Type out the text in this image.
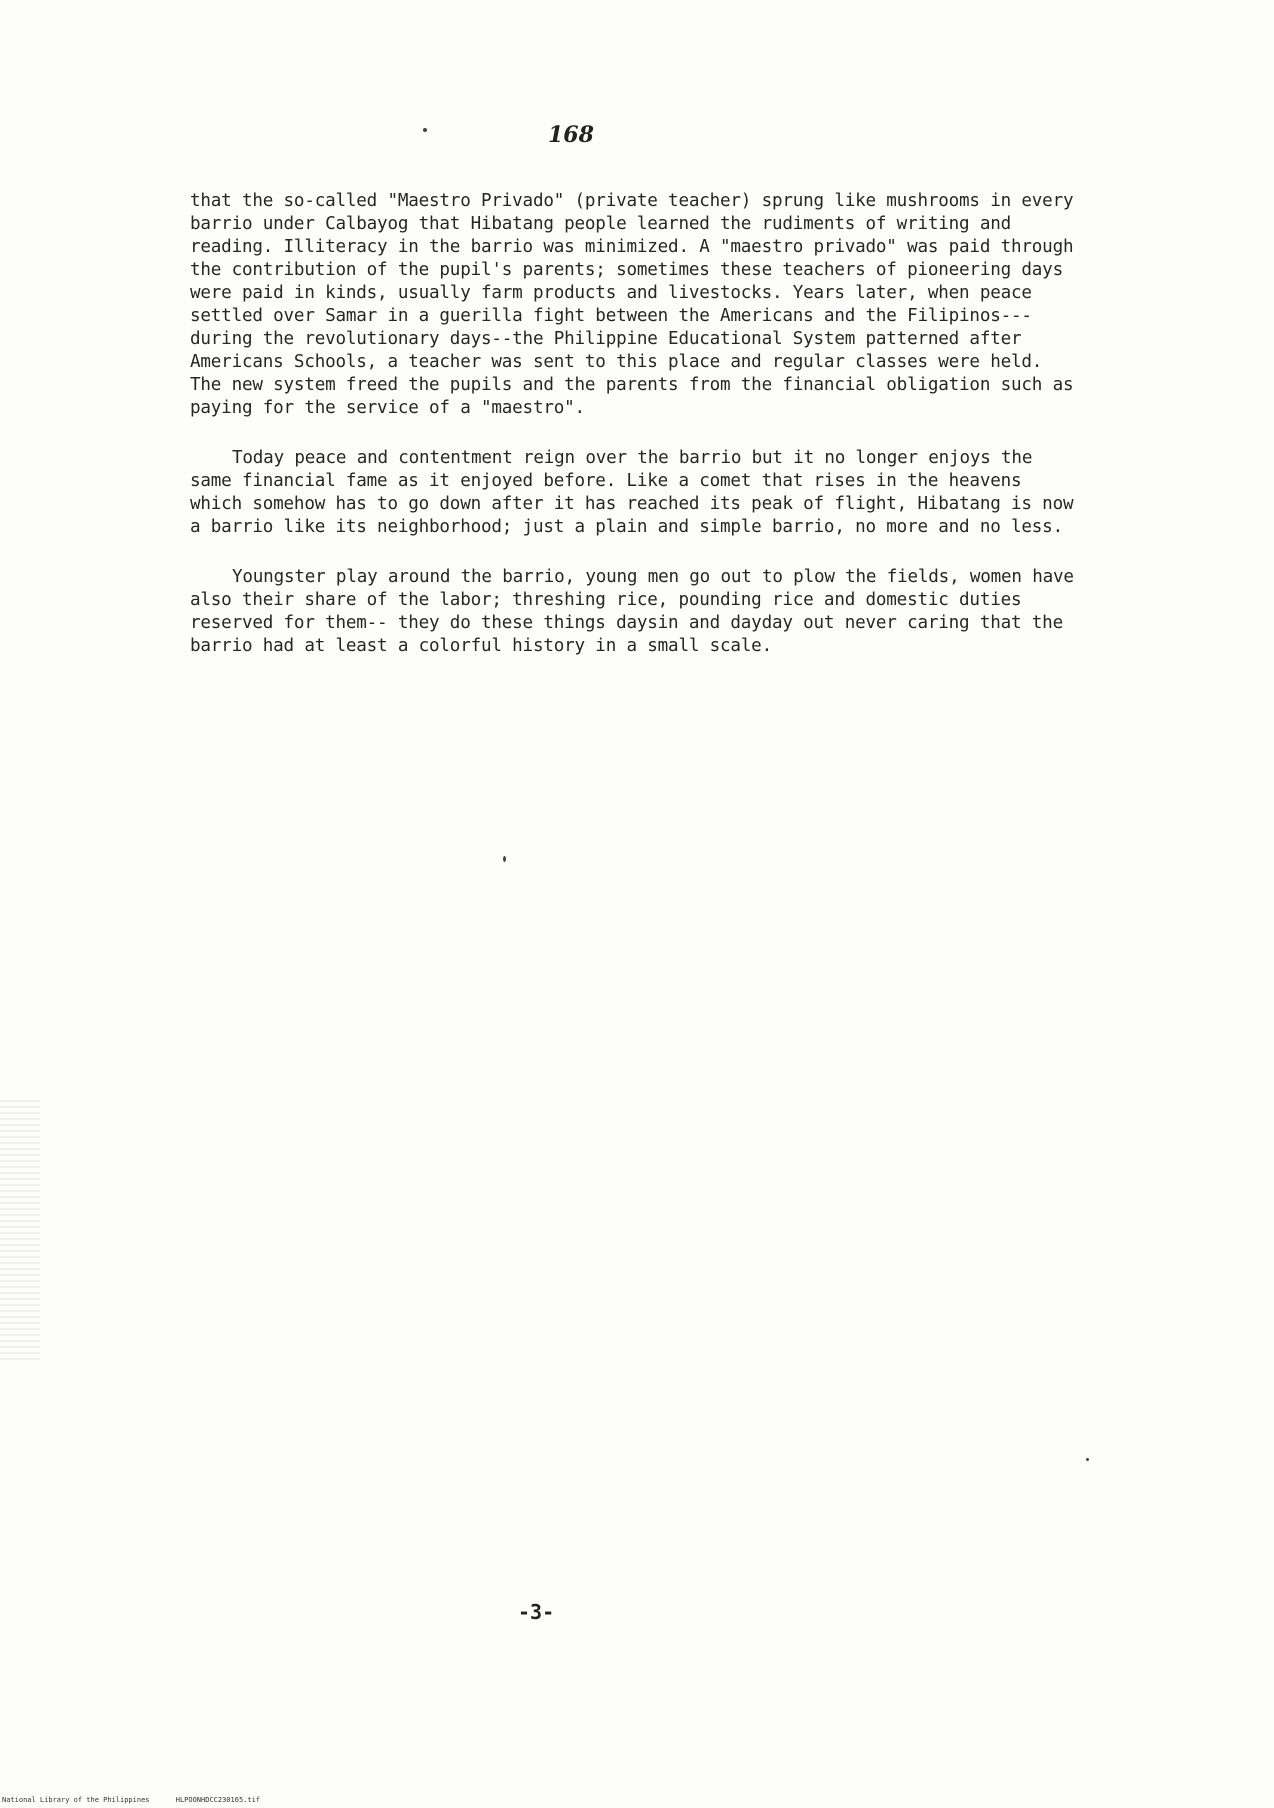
168

that the so-called "Maestro Privado" (private teacher) sprung like mushrooms in every barrio under Calbayog that Hibatang people learned the rudiments of writing and reading. Illiteracy in the barrio was minimized. A "maestro privado" was paid through the contribution of the pupil's parents; sometimes these teachers of pioneering days were paid in kinds, usually farm products and livestocks. Years later, when peace settled over Samar in a guerilla fight between the Americans and the Filipinos---during the revolutionary days--the Philippine Educational System patterned after Americans Schools, a teacher was sent to this place and regular classes were held. The new system freed the pupils and the parents from the financial obligation such as paying for the service of a "maestro".

Today peace and contentment reign over the barrio but it no longer enjoys the same financial fame as it enjoyed before. Like a comet that rises in the heavens which somehow has to go down after it has reached its peak of flight, Hibatang is now a barrio like its neighborhood; just a plain and simple barrio, no more and no less.

Youngster play around the barrio, young men go out to plow the fields, women have also their share of the labor; threshing rice, pounding rice and domestic duties reserved for them-- they do these things daysin and dayday out never caring that the barrio had at least a colorful history in a small scale.

-3-
National Library of the Philippines	HLPOONHDCC230165.tif
